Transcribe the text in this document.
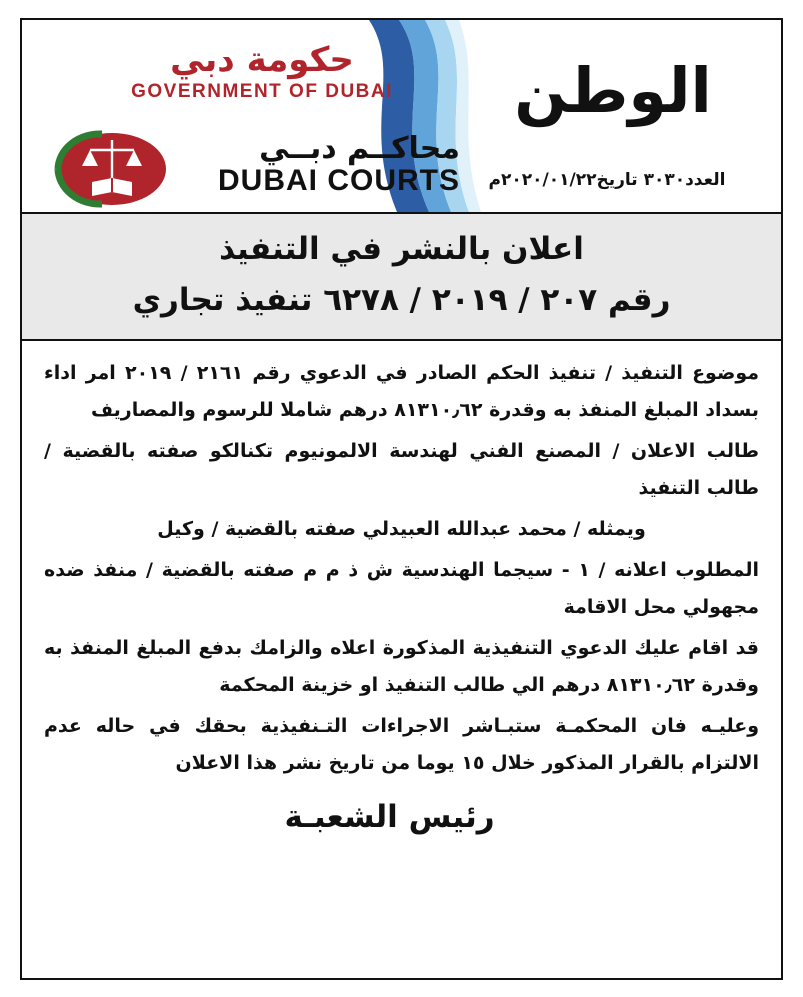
الوطن
العدد٣٠٣٠ تاريخ٢٠٢٠/٠١/٢٢م
حكومة دبي
GOVERNMENT OF DUBAI
محاكــم دبــي
DUBAI COURTS
اعلان بالنشر في التنفيذ
رقم ٢٠٧ / ٢٠١٩ / ٦٢٧٨ تنفيذ تجاري
موضوع التنفيذ / تنفيذ الحكم الصادر في الدعوي رقم ٢١٦١ / ٢٠١٩ امر اداء بسداد المبلغ المنفذ به وقدرة ٨١٣١٠٫٦٢ درهم شاملا للرسوم والمصاريف
طالب الاعلان / المصنع الفني لهندسة الالمونيوم تكنالكو صفته بالقضية / طالب التنفيذ
ويمثله / محمد عبدالله العبيدلي صفته بالقضية / وكيل
المطلوب اعلانه / ١ - سيجما الهندسية ش ذ م م صفته بالقضية / منفذ ضده مجهولي محل الاقامة
قد اقام عليك الدعوي التنفيذية المذكورة اعلاه والزامك بدفع المبلغ المنفذ به وقدرة ٨١٣١٠٫٦٢ درهم الي طالب التنفيذ او خزينة المحكمة
وعليـه فان المحكمـة ستبـاشر الاجراءات التـنفيذية بحقك في حاله عدم الالتزام بالقرار المذكور خلال ١٥ يوما من تاريخ نشر هذا الاعلان
رئيس الشعبـة
